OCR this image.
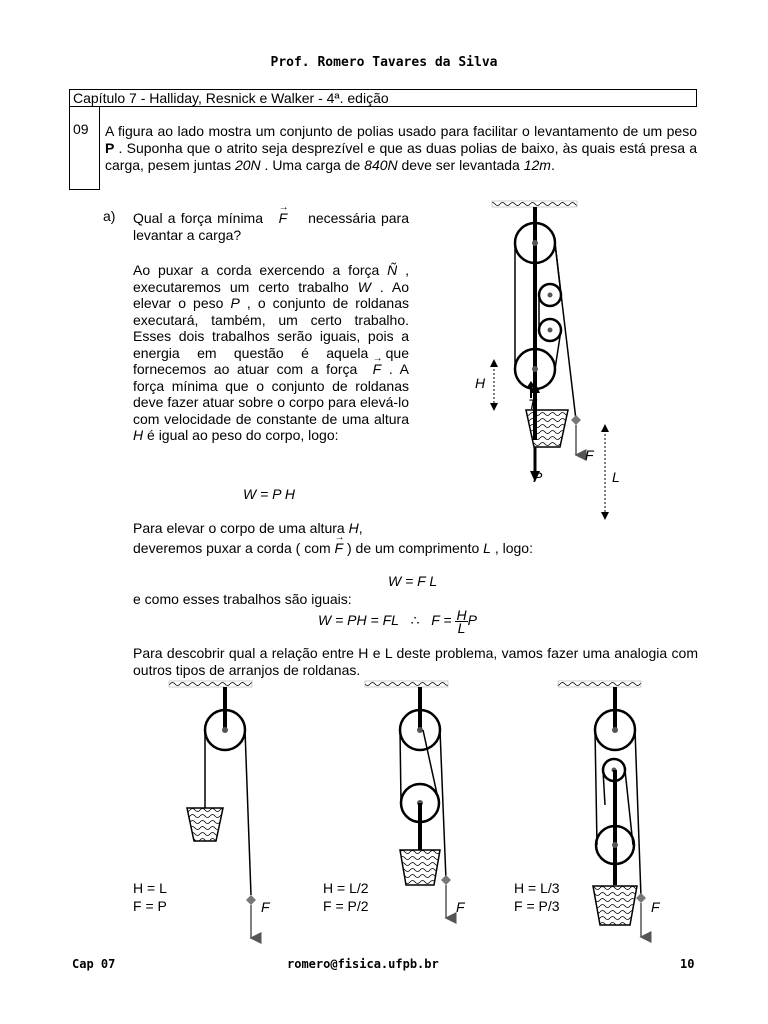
Prof. Romero Tavares da Silva
Capítulo 7 - Halliday, Resnick e Walker - 4ª. edição
09	A figura ao lado mostra um conjunto de polias usado para facilitar o levantamento de um peso P . Suponha que o atrito seja desprezível e que as duas polias de baixo, às quais está presa a carga, pesem juntas 20N . Uma carga de 840N deve ser levantada 12m.
a) Qual a força mínima → F necessária para levantar a carga?
Ao puxar a corda exercendo a força Ñ , executaremos um certo trabalho W . Ao elevar o peso P , o conjunto de roldanas executará, também, um certo trabalho. Esses dois trabalhos serão iguais, pois a energia em questão é aquela que fornecemos ao atuar com a força → F . A força mínima que o conjunto de roldanas deve fazer atuar sobre o corpo para elevá-lo com velocidade de constante de uma altura H é igual ao peso do corpo, logo:
W = P H
Para elevar o corpo de uma altura H,
deveremos puxar a corda ( com → F ) de um comprimento L , logo:
W = F L
e como esses trabalhos são iguais:
W = PH = FL ∴ $F = \frac{H}{L}$ P
Para descobrir qual a relação entre H e L deste problema, vamos fazer uma analogia com outros tipos de arranjos de roldanas.
H
T
F
P	L
F	F	F
H = L
F = P
H = L/2
F = P/2
H = L/3
F = P/3
Cap 07	romero@fisica.ufpb.br	10
